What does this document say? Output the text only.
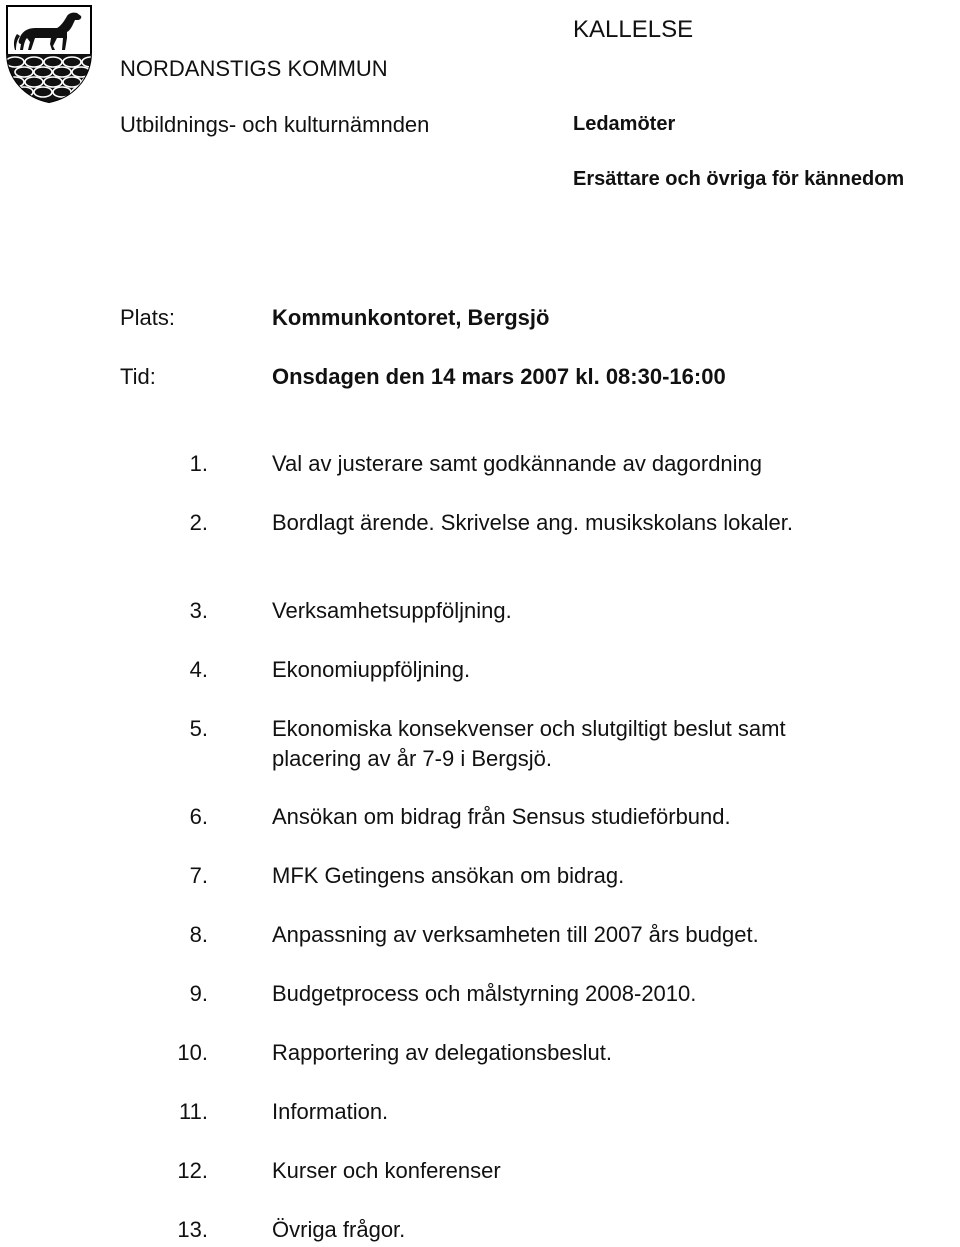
NORDANSTIGS KOMMUN
Utbildnings- och kulturnämnden
KALLELSE
Ledamöter
Ersättare och övriga för kännedom
Plats:	Kommunkontoret, Bergsjö
Tid:	Onsdagen den 14 mars 2007 kl. 08:30-16:00
1.	Val av justerare samt godkännande av dagordning
2.	Bordlagt ärende. Skrivelse ang. musikskolans lokaler.
3.	Verksamhetsuppföljning.
4.	Ekonomiuppföljning.
5.	Ekonomiska konsekvenser och slutgiltigt beslut samt placering av år 7-9 i Bergsjö.
6.	Ansökan om bidrag från Sensus studieförbund.
7.	MFK Getingens ansökan om bidrag.
8.	Anpassning av verksamheten till 2007 års budget.
9.	Budgetprocess och målstyrning 2008-2010.
10.	Rapportering av delegationsbeslut.
11.	Information.
12.	Kurser och konferenser
13.	Övriga frågor.
